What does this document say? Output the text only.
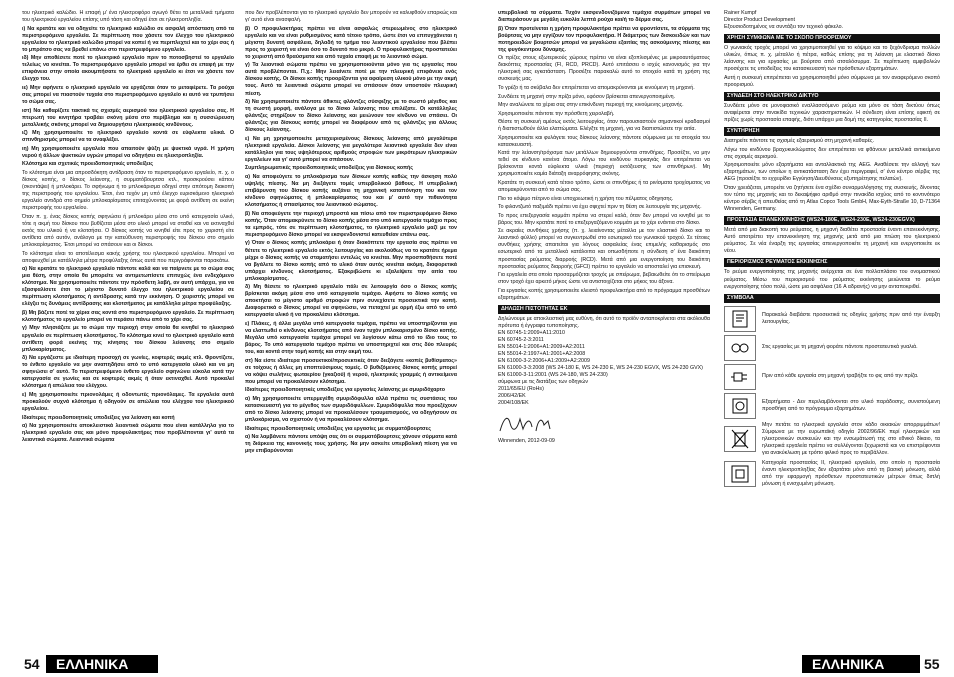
του ηλεκτρικό καλώδιο. Η επαφή μ' ένα ηλεκτροφόρο αγωγό θέτει τα μεταλλικά τμήματα του ηλεκτρικού εργαλείου επίσης υπό τάση και οδηγεί έτσι σε ηλεκτροπληξία.

ι) Να κρατάτε και να οδηγείτε το ηλεκτρικό καλώδιο σε ασφαλή απόσταση από τα περιστρεφόμενα εργαλεία. Σε περίπτωση που χάσετε τον έλεγχο του ηλεκτρικού εργαλείου το ηλεκτρικό καλώδιο μπορεί να κοπεί ή να περιπλεχτεί και το χέρι σας ή το μπράτσο σας να βρεθεί επάνω στο περιστρεφόμενο εργαλείο.

ιδ) Μην αποθέσετε ποτέ το ηλεκτρικό εργαλείο πριν το ποτοσβηστεί το εργαλείο τελείως να κινείται. Το περιστρεφόμενο εργαλείο μπορεί να έρθει σε επαφή με την επιφάνεια στην οποία ακουμπήσατε το ηλεκτρικό εργαλείο κι έτσι να χάσετε τον έλεγχο του.

ιε) Μην αφήνετε ο ηλεκτρικό εργαλείο να εργάζεται όταν το μεταφέρετε. Τα ρούχα σας μπορεί να πιαστούν τυχαία στο περιστρεφόμενο εργαλείο κι αυτό να τρυπήσει το σώμα σας.

ιστ) Να καθαρίζετε τακτικά τις σχισμές αερισμού του ηλεκτρικού εργαλείου σας. Η πτερωτή του κινητήρα τραβάει σκόνη μέσα στο περίβλημα και η συσσώρευση μεταλλικής σκόνης μπορεί να δημιουργήσει ηλεκτρικούς κινδύνους.

ιζ) Μη χρησιμοποιείτε το ηλεκτρικό εργαλείο κοντά σε εύφλεκτα υλικά. Ο σπινθηρισμός μπορεί να τα αναφλέξει.

ιη) Μη χρησιμοποιείτε εργαλεία που απαιτούν ψύξη με ψυκτικά υγρά. Η χρήση νερού ή άλλων ψυκτικών υγρών μπορεί να οδηγήσει σε ηλεκτροπληξία.

Κλότσημα και σχετικές προειδοποιητικές υποδείξεις

Το κλότσημα είναι μια απροσδόκητη αντίδραση όταν το περιστρεφόμενο εργαλείο, π. χ. ο δίσκος κοπής, ο δίσκος λείανσης, η συρματόβουρτσα κτλ., προσκρούσει κάπου (σκοντάψει) ή μπλοκάρει. Το σφήνωμα ή το μπλοκάρισμα οδηγεί στην απότομη διακοπή της περιστροφής του εργαλείου. Έτσι, ένα τυχόν μη υπό έλεγχο ευρισκόμενο ηλεκτρικό εργαλείο αντιδρά στο σημείο μπλοκαρίσματος επιταχύνοντας με φορά αντίθετη σε εκείνη περιστροφής του εργαλείου.

Όταν π. χ. ένας δίσκος κοπής σφηνώσει ή μπλοκάρει μέσα στο υπό κατεργασία υλικό, τότε η ακμή του δίσκου που βυθίζεται μέσα στο υλικό μπορεί να σταθεί και να εκτιναχθεί εκτός του υλικού ή να κλοτσήσει. Ο δίσκος κοπής να κινηθεί είτε προς το χειριστή είτε αντίθετα από αυτόν, ανάλογα με την κατεύθυνση περιστροφής του δίσκου στο σημείο μπλοκαρίσματος. Έτσι μπορεί να σπάσουν και οι δίσκοι.

Το κλότσημα είναι το αποτέλεσμα κακής χρήσης του ηλεκτρικού εργαλείου. Μπορεί να αποφευχθεί με κατάλληλα μέτρα προφύλαξης όπως αυτά που περιγράφονται παρακάτω.

α) Να κρατάτε το ηλεκτρικό εργαλείο πάντοτε καλά και να παίρνετε με το σώμα σας μια θέση, στην οποία θα μπορείτε να αντιμετωπίσετε επιτυχώς ένα ενδεχόμενο κλότσημα. Να χρησιμοποιείτε πάντοτε την πρόσθετη λαβή, αν αυτή υπάρχει, για να εξασφαλίσετε έτσι το μέγιστο δυνατό έλεγχο του ηλεκτρικού εργαλείου σε περίπτωση κλοτσήματος ή αντίδρασης κατά την εκκίνηση. Ο χειριστής μπορεί να ελέγξει τις δυνάμεις αντίδρασης και κλοτσήματος με κατάλληλα μέτρα προφύλαξης.

β) Μη βάζετε ποτέ τα χέρια σας κοντά στο περιστρεφόμενο εργαλείο. Σε περίπτωση κλοτσήματος το εργαλείο μπορεί να περάσει πάνω από το χέρι σας.

γ) Μην πλησιάζετε με το σώμα την περιοχή στην οποία θα κινηθεί το ηλεκτρικό εργαλείο σε περίπτωση κλοτσήματος. Το κλότσημα κινεί το ηλεκτρικό εργαλείο κατά αντίθετη φορά εκείνης της κίνησης του δίσκου λείανσης στο σημείο μπλοκαρίσματος.

δ) Να εργάζεστε με ιδιαίτερη προσοχή σε γωνίες, κοφτερές ακμές κτλ. Φροντίζετε, το ένθετο εργαλείο να μην αναπηδήσει από το υπό κατεργασία υλικό και να μη σφηνώσει σ' αυτό. Το περιστρεφόμενο ένθετο εργαλείο σφηνώνει εύκολα κατά την κατεργασία σε γωνίες και σε κοφτερές ακμές ή όταν εκτιναχθεί. Αυτό προκαλεί κλότσημα ή απώλεια του ελέγχου.

ε) Μη χρησιμοποιείτε πριονολάμες ή οδοντωτές πριονόλαμες. Τα εργαλεία αυτά προκαλούν συχνά κλότσημα ή οδηγούν σε απώλεια του ελέγχου του ηλεκτρικού εργαλείου.

Ιδιαίτερες προειδοποιητικές υποδείξεις για λείανση και κοπή

α) Να χρησιμοποιείτε αποκλειστικά λειαντικά σώματα που είναι κατάλληλα για το ηλεκτρικό εργαλείο σας και μόνο προφυλακτήρες που προβλέπονται γι' αυτά τα λειαντικά σώματα. Λειαντικά σώματα

που δεν προβλέπονται για το ηλεκτρικό εργαλείο δεν μπορούν να καλυφθούν επαρκώς και γι' αυτό είναι ανασφαλή.

β) Ο προφυλακτήρας πρέπει να είναι ασφαλώς στερεωμένος στο ηλεκτρικό εργαλείο και να είναι ρυθμισμένος κατά τέτοιο τρόπο, ώστε έτσι να επιτυγχάνεται η μέγιστη δυνατή ασφάλεια, δηλαδή το τμήμα του λειαντικού εργαλείου που βλέπει προς το χειριστή να είναι όσο το δυνατό πιο μικρό. Ο προφυλακτήρας προστατεύει το χειριστή από θραύσματα και από τυχαία επαφή με το λειαντικό σώμα.

γ) Τα λειαντικά σώματα πρέπει να χρησιμοποιούνται μόνο για τις εργασίες που αυτά προβλέπονται. Π.χ.: Μην λειαίνετε ποτέ με την πλευρική επιφάνεια ενός δίσκου κοπής. Οι δίσκοι κοπής προορίζονται για αφαίρεση υλικού μόνο με την ακμή τους. Αυτό τα λειαντικά σώματα μπορεί να σπάσουν όταν υποστούν πλευρική πίεση.

δ) Να χρησιμοποιείτε πάντοτε άθικτες φλάντζες σύσφιξης με το σωστό μέγεθος και τη σωστή μορφή, ανάλογα με το δίσκο λείανσης που επιλέξατε. Οι κατάλληλες φλάντζες στηρίζουν το δίσκο λείανσης και μειώνουν τον κίνδυνο να σπάσει. Οι φλάντζες για δίσκους κοπής μπορεί να διαφέρουν από τις φλάντζες για άλλους δίσκους λείανσης.

ε) Να μη χρησιμοποιείτε μεταχειρισμένους δίσκους λείανσης από μεγαλύτερα ηλεκτρικά εργαλεία. Δίσκοι λείανσης για μεγαλύτερα λειαντικά εργαλεία δεν είναι κατάλληλοι για τους υψηλότερους αριθμούς στροφών των μικρότερων ηλεκτρικών εργαλείων και γι' αυτό μπορεί να σπάσουν.

Συμπληρωματικές προειδοποιητικές υποδείξεις για δίσκους κοπής

α) Να αποφεύγετε το μπλοκάρισμα των δίσκων κοπής καθώς την άσκηση πολύ υψηλής πίεσης. Να μη διεξάγετε τομές υπερβολικού βάθους. Η υπερβολική επιβάρυνση του δίσκου κοπής αυξάνει τη μηχανική καταπόνηση του και τον κίνδυνο σφηνώματος ή μπλοκαρίσματος του και μ' αυτό την πιθανότητα κλοτσήματος ή σπασίματος του λειαντικού σώματος.

β) Να αποφεύγετε την περιοχή μπροστά και πίσω από τον περιστρεφόμενο δίσκο κοπής. Όταν απομακρύνετε το δίσκο κοπής μέσα στο υπό κατεργασία τεμάχιο προς τα εμπρός, τότε σε περίπτωση κλοτσήματος, το ηλεκτρικό εργαλείο μαζί με τον περιστρεφόμενο δίσκο μπορεί να εκσφενδονιστεί κατευθείαν επάνω σας.

γ) Όταν ο δίσκος κοπής μπλοκάρει ή όταν διακόπτετε την εργασία σας πρέπει να θέτετε το ηλεκτρικό εργαλείο εκτός λειτουργίας και ακολούθως να το κρατάτε ήρεμα μέχρι ο δίσκος κοπής να σταματήσει εντελώς να κινείται. Μην προσπαθήσετε ποτέ να βγάλετε το δίσκο κοπής από το υλικό όταν αυτός κινείται ακόμη, διαφορετικά υπάρχει κίνδυνος κλοτσήματος. Εξακριβώστε κι εξαλείψετε την αιτία του μπλοκαρίσματος.

δ) Μη θέσετε το ηλεκτρικό εργαλείο πάλι σε λειτουργία όσο ο δίσκος κοπής βρίσκεται ακόμη μέσα στο υπό κατεργασία τεμάχιο. Αφήστε το δίσκο κοπής να αποκτήσει το μέγιστο αριθμό στροφών πριν συνεχίσετε προσεκτικά την κοπή. Διαφορετικά ο δίσκος μπορεί να σφηνώσει, να πεταχτεί με ορμή έξω από το υπό κατεργασία υλικό ή να προκαλέσει κλότσημα.

ε) Πλάκες, ή άλλα μεγάλα υπό κατεργασία τεμάχια, πρέπει να υποστηρίζονται για να ελαττωθεί ο κίνδυνος κλοτσήματος από έναν τυχόν μπλοκαρισμένο δίσκο κοπής. Μεγάλα υπό κατεργασία τεμάχια μπορεί να λυγίσουν κάτω από το ίδιο τους το βάρος. Το υπό κατεργασία τεμάχιο πρέπει να υποστηριχτεί και στις δύο πλευρές του, και κοντά στην τομή κοπής και στην ακμή του.

στ) Να είστε ιδιαίτερα προσεκτικοί/προσεκτικές όταν διεξάγετε «κοπές βυθίσματος» σε τοίχους ή άλλες μη εποπτεύσιμους τομείς. Ο βυθιζόμενος δίσκος κοπής μπορεί να κόψει σωλήνες φωταερίου (γκαζιού) ή νερού, ηλεκτρικές γραμμές ή αντικείμενα που μπορεί να προκαλέσουν κλότσημα.

Ιδιαίτερες προειδοποιητικές υποδείξεις για εργασίες λείανσης με σμυριδόχαρτο

α) Μη χρησιμοποιείτε υπερμεγέθη σμυριδόφυλλα αλλά πρέπει τις συστάσεις του κατασκευαστή για το μέγεθος των σμυριδόφυλλων. Σμυριδόφυλλα που προεξέχουν από το δίσκο λείανσης μπορεί να προκαλέσουν τραυματισμούς, να οδηγήσουν σε μπλοκάρισμα, να σχιστούν ή να προκαλέσουν κλότσημα.

Ιδιαίτερες προειδοποιητικές υποδείξεις για εργασίες με συρματόβουρτσες

α) Να λαμβάνετε πάντοτε υπόψη σας ότι οι συρματόβουρτσες χάνουν σύρματα κατά τη διάρκεια της κανονικής τους χρήσης. Να μην ασκείτε υπερβολική πίεση για να μην επιβαρύνονται

54	ΕΛΛΗΝΙΚΑ

υπερβολικά τα σύρματα. Τυχόν εκσφενδονιζόμενα τεμάχια συρμάτων μπορεί να διαπεράσουν με μεγάλη ευκολία λεπτά ρούχα και/ή το δέρμα σας.

β) Όταν προτείνεται η χρήση προφυλακτήρα πρέπει να φροντίσετε, τα σύρματα της βούρτσας να μην εγγίζουν τον προφυλακτήρα. Η διάμετρος των δισκοειδών και των ποτηροειδών βουρτσών μπορεί να μεγαλώσει εξαιτίας της ασκούμενης πίεσης και της φυγόκεντρου δύναμης.

Οι πρίζες στους εξωτερικούς χώρους πρέπει να είναι εξοπλισμένες με μικροαυτόματους διακόπτες προστασίας (FI, RCD, PRCD). Αυτό επιτάσσει ο ισχύς κανονισμός για την ηλεκτρική σας εγκατάσταση. Προσέξτε παρακαλώ αυτό το στοιχείο κατά τη χρήση της συσκευής μας.

Το γρέζο ή τα σκύβαλα δεν επιτρέπεται να απομακρύνονται με κινούμενη τη μηχανή.

Συνδέετε τη μηχανή στην πρίζα μόνο, εφόσον βρίσκεται απενεργοποιημένη.

Μην αναλώνετε τα χέρια σας στην επικίνδυνη περιοχή της κινούμενης μηχανής.

Χρησιμοποιείτε πάντοτε την πρόσθετη χειρολαβή.

Θέστε τη συσκευή αμέσως εκτός λειτουργίας, όταν παρουσιαστούν σημαντικοί κραδασμοί ή διαπιστωθούν άλλα ελαττώματα. Ελέγξτε τη μηχανή, για να διαπιστώσετε την αιτία.

Χρησιμοποιείτε και φυλάγετε τους δίσκους λείανσης πάντοτε σύμφωνα με τα στοιχεία του κατασκευαστή.

Κατά την λείανση/τρόχισμα των μετάλλων δημιουργούνται σπινθήρες. Προσέξτε, να μην τεθεί σε κίνδυνο κανένα άτομο. Λόγω του κινδύνου πυρκαγιάς δεν επιτρέπεται να βρίσκονται κοντά εύφλεκτα υλικά (περιοχή εκτόξευσης των σπινθήρων). Μη χρησιμοποιείτε καμία διάταξη αναρρόφησης σκόνης.

Κρατάτε τη συσκευή κατά τέτοιο τρόπο, ώστε οι σπινθήρες ή τα ρινίσματα τροχίσματος να απομακρύνονται από το σώμα σας.

Πιο το κόψιμο πέτρινο είναι υποχρεωτική η χρήση του πέλματος οδηγησης.

Το φιλαντζωτό παξιμάδι πρέπει να έχει σφιχτεί πριν τη θέση σε λειτουργία της μηχανής.

Το προς επεξεργασία κομμάτι πρέπει να στερεί καλά, όταν δεν μπορεί να κινηθεί με το βάρος του. Μην κρατάτε ποτέ το επεξεργαζόμενο κομμάτι με το χέρι ενάντια στο δίσκο.

Σε ακραίες συνθήκες χρήσης (π. χ. λειαίνοντας μέταλλα με τον ελαστικό δίσκο και το λειαντικό φύλλο) μπορεί να συγκεντρωθεί στο εσωτερικό του γωνιακού τροχού. Σε τέτοιες συνθήκες χρήσης απαιτείται για λόγους ασφαλείας ένας επιμελής καθαρισμός στο εσωτερικό από τα μεταλλικά κατάλοιπα και οπωσδήποτε η σύνδεση σ' ένα διακόπτη προστασίας ρεύματος διαρροής (RCD). Μετά από μια ενεργοποίηση του διακόπτη προστασίας ρεύματος διαρροής (GFCI) πρέπει το εργαλείο να αποσταλεί για επισκευή.

Για εργαλεία στα οποία προσαρμόζεται τροχός με σπείρωμα, βεβαιωθείτε ότι το σπείρωμα στον τροχό έχει αρκετό μήκος ώστε να αντιστοιχίζεται στο μήκος του άξονα.

Για εργασίες κοπής χρησιμοποιείτε κλειστό προφυλακτήρα από το πρόγραμμα προσθέτων εξαρτημάτων.

ΔΗΛΩΣΗ ΠΙΣΤΟΤΗΤΑΣ ΕΚ
Δηλώνουμε με αποκλειστική μας ευθύνη, ότι αυτό το προϊόν ανταποκρίνεται στα ακόλουθα πρότυπα ή έγγραφα τυποποίησης.
EN 60745-1:2009+A11:2010
EN 60745-2-3:2011
EN 55014-1:2006+A1:2009+A2:2011
EN 55014-2:1997+A1:2001+A2:2008
EN 61000-3-2:2006+A1:2009+A2:2009
EN 61000-3-3:2008 (WS 24-180 E, WS 24-230 E, WS 24-230 EGVX, WS 24-230 GVX)
EN 61000-3-11:2001 (WS 24-180, WS 24-230)
σύμφωνα με τις διατάξεις των οδηγιών
2011/65/EU (RoHs)
2006/42/EK
2004/108/EK
Winnenden, 2012-09-09
Rainer Kumpf
Director Product Development
Εξουσιοδοτημένος να συντάξει τον τεχνικό φάκελο.
ΧΡΗΣΗ ΣΥΜΦΩΝΑ ΜΕ ΤΟ ΣΚΟΠΟ ΠΡΟΟΡΙΣΜΟΥ

Ο γωνιακός τροχός μπορεί να χρησιμοποιηθεί για το κόψιμο και το ξεχόνδρισμα πολλών υλικών, όπως π. χ. μέταλλο ή πέτρα, καθώς επίσης για τη λείανση με ελαστικό δίσκο λείανσης και για εργασίες με βούρτσα από ατσαλόσυρμα. Σε περίπτωση αμφιβολιών προσέχετε τις υποδείξεις του κατασκευαστή των πρόσθετων εξαρτημάτων.

Αυτή η συσκευή επιτρέπεται να χρησιμοποιηθεί μόνο σύμφωνα με τον αναφερόμενο σκοπό προορισμού.

ΣΥΝΔΕΣΗ ΣΤΟ ΗΛΕΚΤΡΙΚΟ ΔΙΚΤΥΟ

Συνδέετε μόνο σε μονοφασικό εναλλασσόμενο ρεύμα και μόνο σε τάση δικτύου όπως αναφέρεται στην πινακίδα τεχνικών χαρακτηριστικών. Η σύνδεση είναι επίσης εφικτή σε πρίζες χωρίς προστασία επαφής, διότι υπάρχει μια δομή της κατηγορίας προστασίας II.

ΣΥΝΤΗΡΗΣΗ

Διατηρείτε πάντοτε τις σχισμές εξαερισμού στη μηχανή καθαρές.

Λόγω του κινδύνου βραχυκυκλώματος δεν επιτρέπεται να φθάνουν μεταλλικά αντικείμενα στις σχισμές αερισμού.

Χρησιμοποιείτε μόνο εξαρτήματα και ανταλλακτικά της AEG. Αναθέσετε την αλλαγή των εξαρτημάτων, των οποίων η αντικατάσταση δεν έχει περιγραφεί, σ' ένα κέντρο σέρβις της AEG (προσέξτε το εγχειρίδιο Εγγύηση/Διευθύνσεις εξυπηρέτησης πελατών).

Όταν χρειάζεται, μπορείτε να ζητήσετε ένα σχέδιο συναρμολόγησης της συσκευής, δίνοντας τον τύπο της μηχανής και το δεκαψήφιο αριθμό στην πινακίδα ισχύος από το κοντινότερο κέντρο σέρβις ή απευθείας από τη Atlas Copco Tools GmbH, Max-Eyth-Straße 10, D-71364 Winnenden, Germany.

ΠΡΟΣΤΑΣΙΑ ΕΠΑΝΕΚΚΙΝΗΣΗΣ (WS24-180E, WS24-230E, WS24-230EGVX)

Μετά από μια διακοπή του ρεύματος, η μηχανή διαθέτει προστασία έναντι επανεκκίνησης. Αυτό αποτρέπει την επανεκκίνηση της μηχανής μετά από μια πτώση του ηλεκτρικού ρεύματος. Σε νέα έναρξη της εργασίας απενεργοποιείτε τη μηχανή και ενεργοποιείτε εκ νέου.

ΠΕΡΙΟΡΙΣΜΟΣ ΡΕΥΜΑΤΟΣ ΕΚΚΙΝΗΣΗΣ

Το ρεύμα ενεργοποίησης της μηχανής ανέρχεται σε ένα πολλαπλάσιο του ονομαστικού ρεύματος. Μέσω του περιορισμού του ρεύματος εκκίνησης μειώνεται το ρεύμα ενεργοποίησης τόσο πολύ, ώστε μια ασφάλεια (16 A αδρανής) να μην ανταποκριθεί.

ΣΥΜΒΟΛΑ
Παρακαλώ διαβάστε προσεκτικά τις οδηγίες χρήσης πριν από την έναρξη λειτουργίας.
Στις εργασίες με τη μηχανή φοράτε πάντοτε προστατευτικά γυαλιά.
Πριν από κάθε εργασία στη μηχανή τραβήξτε το φις από την πρίζα.
Εξαρτήματα - Δεν περιλαμβάνονται στο υλικό παράδοσης, συνιστούμενη προσθήκη από το πρόγραμμα εξαρτημάτων.
Μην πετάτε τα ηλεκτρικά εργαλεία στον κάδο οικιακών απορριμμάτων! Σύμφωνα με την ευρωπαϊκή οδηγία 2002/96/ΕΚ περί ηλεκτρικών και ηλεκτρονικών συσκευών και την ενσωμάτωσή της στο εθνικό δίκαιο, τα ηλεκτρικά εργαλεία πρέπει να συλλέγονται ξεχωριστά και να επιστρέφονται για ανακύκλωση με τρόπο φιλικό προς το περιβάλλον.
Κατηγορία προστασίας II, ηλεκτρικό εργαλείο, στο οποίο η προστασία έναντι ηλεκτροπληξίας δεν εξαρτάται μόνο από τη βασική μόνωση, αλλά από την εφαρμογή πρόσθετων προστατευτικών μέτρων όπως διπλή μόνωση ή ενισχυμένη μόνωση.
ΕΛΛΗΝΙΚΑ	55
